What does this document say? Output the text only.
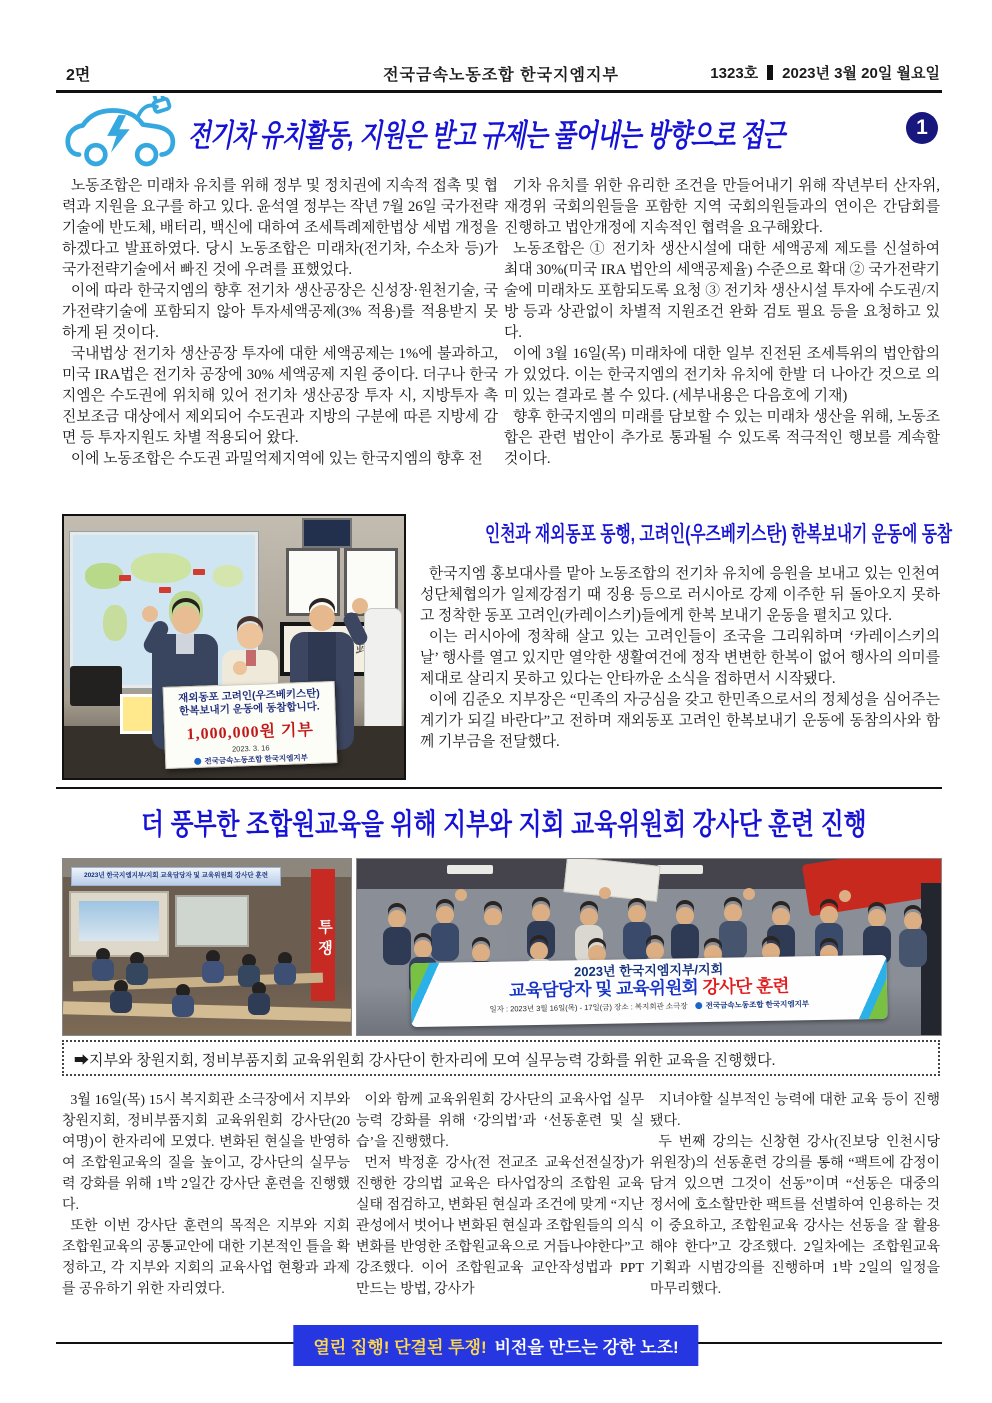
2면	전국금속노동조합 한국지엠지부	1323호 2023년 3월 20일 월요일
전기차 유치활동, 지원은 받고 규제는 풀어내는 방향으로 접근	1

노동조합은 미래차 유치를 위해 정부 및 정치권에 지속적 접촉 및 협력과 지원을 요구를 하고 있다. 윤석열 정부는 작년 7월 26일 국가전략기술에 반도체, 배터리, 백신에 대하여 조세특례제한법상 세법 개정을 하겠다고 발표하였다. 당시 노동조합은 미래차(전기차, 수소차 등)가 국가전략기술에서 빠진 것에 우려를 표했었다.

이에 따라 한국지엠의 향후 전기차 생산공장은 신성장·원천기술, 국가전략기술에 포함되지 않아 투자세액공제(3% 적용)를 적용받지 못하게 된 것이다.

국내법상 전기차 생산공장 투자에 대한 세액공제는 1%에 불과하고, 미국 IRA법은 전기차 공장에 30% 세액공제 지원 중이다. 더구나 한국지엠은 수도권에 위치해 있어 전기차 생산공장 투자 시, 지방투자 촉진보조금 대상에서 제외되어 수도권과 지방의 구분에 따른 지방세 감면 등 투자지원도 차별 적용되어 왔다.

이에 노동조합은 수도권 과밀억제지역에 있는 한국지엠의 향후 전

기차 유치를 위한 유리한 조건을 만들어내기 위해 작년부터 산자위, 재경위 국회의원들을 포함한 지역 국회의원들과의 연이은 간담회를 진행하고 법안개정에 지속적인 협력을 요구해왔다.

노동조합은 ① 전기차 생산시설에 대한 세액공제 제도를 신설하여 최대 30%(미국 IRA 법안의 세액공제율) 수준으로 확대 ② 국가전략기술에 미래차도 포함되도록 요청 ③ 전기차 생산시설 투자에 수도권/지방 등과 상관없이 차별적 지원조건 완화 검토 필요 등을 요청하고 있다.

이에 3월 16일(목) 미래차에 대한 일부 진전된 조세특위의 법안합의가 있었다. 이는 한국지엠의 전기차 유치에 한발 더 나아간 것으로 의미 있는 결과로 볼 수 있다. (세부내용은 다음호에 기재)

향후 한국지엠의 미래를 담보할 수 있는 미래차 생산을 위해, 노동조합은 관련 법안이 추가로 통과될 수 있도록 적극적인 행보를 계속할 것이다.

재외동포 고려인(우즈베키스탄)
한복보내기 운동에 동참합니다.
1,000,000원 기부
2023. 3. 16
전국금속노동조합 한국지엠지부
인천과 재외동포 동행, 고려인(우즈베키스탄) 한복보내기 운동에 동참

한국지엠 홍보대사를 맡아 노동조합의 전기차 유치에 응원을 보내고 있는 인천여성단체협의가 일제강점기 때 징용 등으로 러시아로 강제 이주한 뒤 돌아오지 못하고 정착한 동포 고려인(카레이스키)들에게 한복 보내기 운동을 펼치고 있다.

이는 러시아에 정착해 살고 있는 고려인들이 조국을 그리워하며 ‘카레이스키의 날’ 행사를 열고 있지만 열악한 생활여건에 정작 변변한 한복이 없어 행사의 의미를 제대로 살리지 못하고 있다는 안타까운 소식을 접하면서 시작됐다.

이에 김준오 지부장은 “민족의 자긍심을 갖고 한민족으로서의 정체성을 심어주는 계기가 되길 바란다”고 전하며 재외동포 고려인 한복보내기 운동에 동참의사와 함께 기부금을 전달했다.

더 풍부한 조합원교육을 위해 지부와 지회 교육위원회 강사단 훈련 진행
2023년 한국지엠지부/지회 교육담당자 및 교육위원회 강사단 훈련
투쟁
2023년 한국지엠지부/지회
교육담당자 및 교육위원회 강사단 훈련
일자 : 2023년 3월 16일(목) - 17일(금) 장소 : 복지회관 소극장 전국금속노동조합 한국지엠지부
➡지부와 창원지회, 정비부품지회 교육위원회 강사단이 한자리에 모여 실무능력 강화를 위한 교육을 진행했다.

3월 16일(목) 15시 복지회관 소극장에서 지부와 창원지회, 정비부품지회 교육위원회 강사단(20여명)이 한자리에 모였다. 변화된 현실을 반영하여 조합원교육의 질을 높이고, 강사단의 실무능력 강화를 위해 1박 2일간 강사단 훈련을 진행했다.

또한 이번 강사단 훈련의 목적은 지부와 지회 조합원교육의 공통교안에 대한 기본적인 틀을 확정하고, 각 지부와 지회의 교육사업 현황과 과제를 공유하기 위한 자리였다.

이와 함께 교육위원회 강사단의 교육사업 실무능력 강화를 위해 ‘강의법’과 ‘선동훈련 및 실습’을 진행했다.

먼저 박정훈 강사(전 전교조 교육선전실장)가 진행한 강의법 교육은 타사업장의 조합원 교육 실태 점검하고, 변화된 현실과 조건에 맞게 “지난 관성에서 벗어나 변화된 현실과 조합원들의 의식 변화를 반영한 조합원교육으로 거듭나야한다”고 강조했다. 이어 조합원교육 교안작성법과 PPT 만드는 방법, 강사가

지녀야할 실부적인 능력에 대한 교육 등이 진행됐다.

두 번째 강의는 신창현 강사(진보당 인천시당 위원장)의 선동훈련 강의를 통해 “팩트에 감정이 담겨 있으면 그것이 선동”이며 “선동은 대중의 정서에 호소할만한 팩트를 선별하여 인용하는 것이 중요하고, 조합원교육 강사는 선동을 잘 활용해야 한다”고 강조했다. 2일차에는 조합원교육 기획과 시범강의를 진행하며 1박 2일의 일정을 마무리했다.

열린 집행! 단결된 투쟁! 비전을 만드는 강한 노조!
